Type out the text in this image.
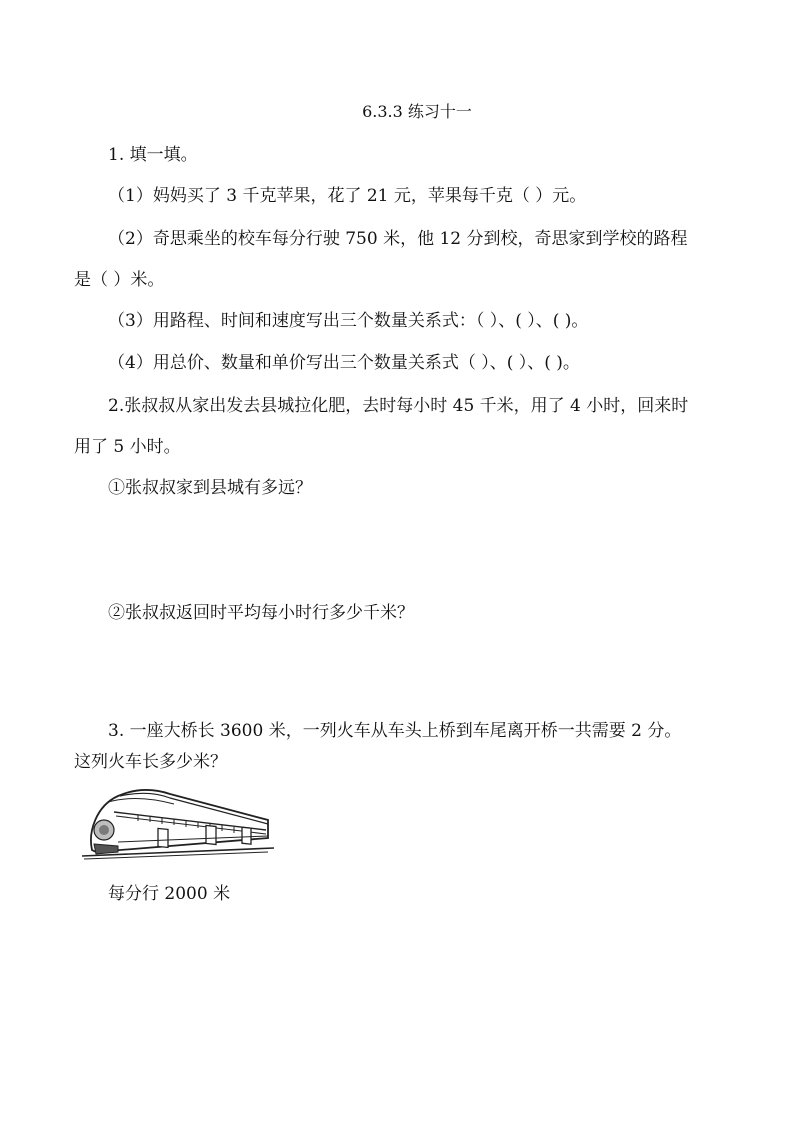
6.3.3 练习十一
1. 填一填。
（1）妈妈买了 3 千克苹果，花了 21 元，苹果每千克（ ）元。
（2）奇思乘坐的校车每分行驶 750 米，他 12 分到校，奇思家到学校的路程
是（ ）米。
（3）用路程、时间和速度写出三个数量关系式：（ ）、( ）、( )。
（4）用总价、数量和单价写出三个数量关系式（ ）、( ）、( )。
2.张叔叔从家出发去县城拉化肥，去时每小时 45 千米，用了 4 小时，回来时
用了 5 小时。
①张叔叔家到县城有多远？
②张叔叔返回时平均每小时行多少千米？
3. 一座大桥长 3600 米，一列火车从车头上桥到车尾离开桥一共需要 2 分。
这列火车长多少米？
每分行 2000 米
